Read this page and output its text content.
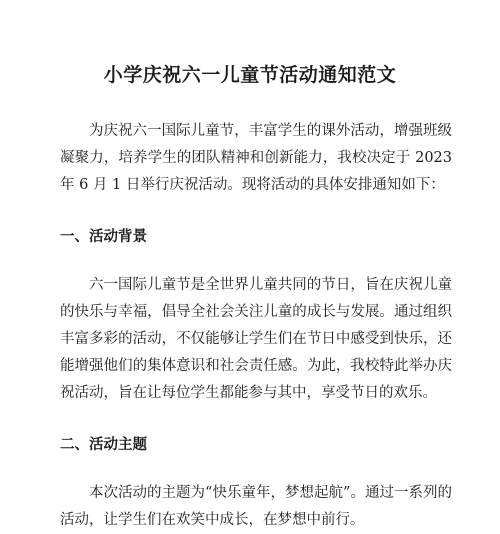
小学庆祝六一儿童节活动通知范文

为庆祝六一国际儿童节，丰富学生的课外活动，增强班级凝聚力，培养学生的团队精神和创新能力，我校决定于 2023 年 6 月 1 日举行庆祝活动。现将活动的具体安排通知如下：

一、活动背景

六一国际儿童节是全世界儿童共同的节日，旨在庆祝儿童的快乐与幸福，倡导全社会关注儿童的成长与发展。通过组织丰富多彩的活动，不仅能够让学生们在节日中感受到快乐，还能增强他们的集体意识和社会责任感。为此，我校特此举办庆祝活动，旨在让每位学生都能参与其中，享受节日的欢乐。

二、活动主题

本次活动的主题为“快乐童年，梦想起航”。通过一系列的活动，让学生们在欢笑中成长，在梦想中前行。
